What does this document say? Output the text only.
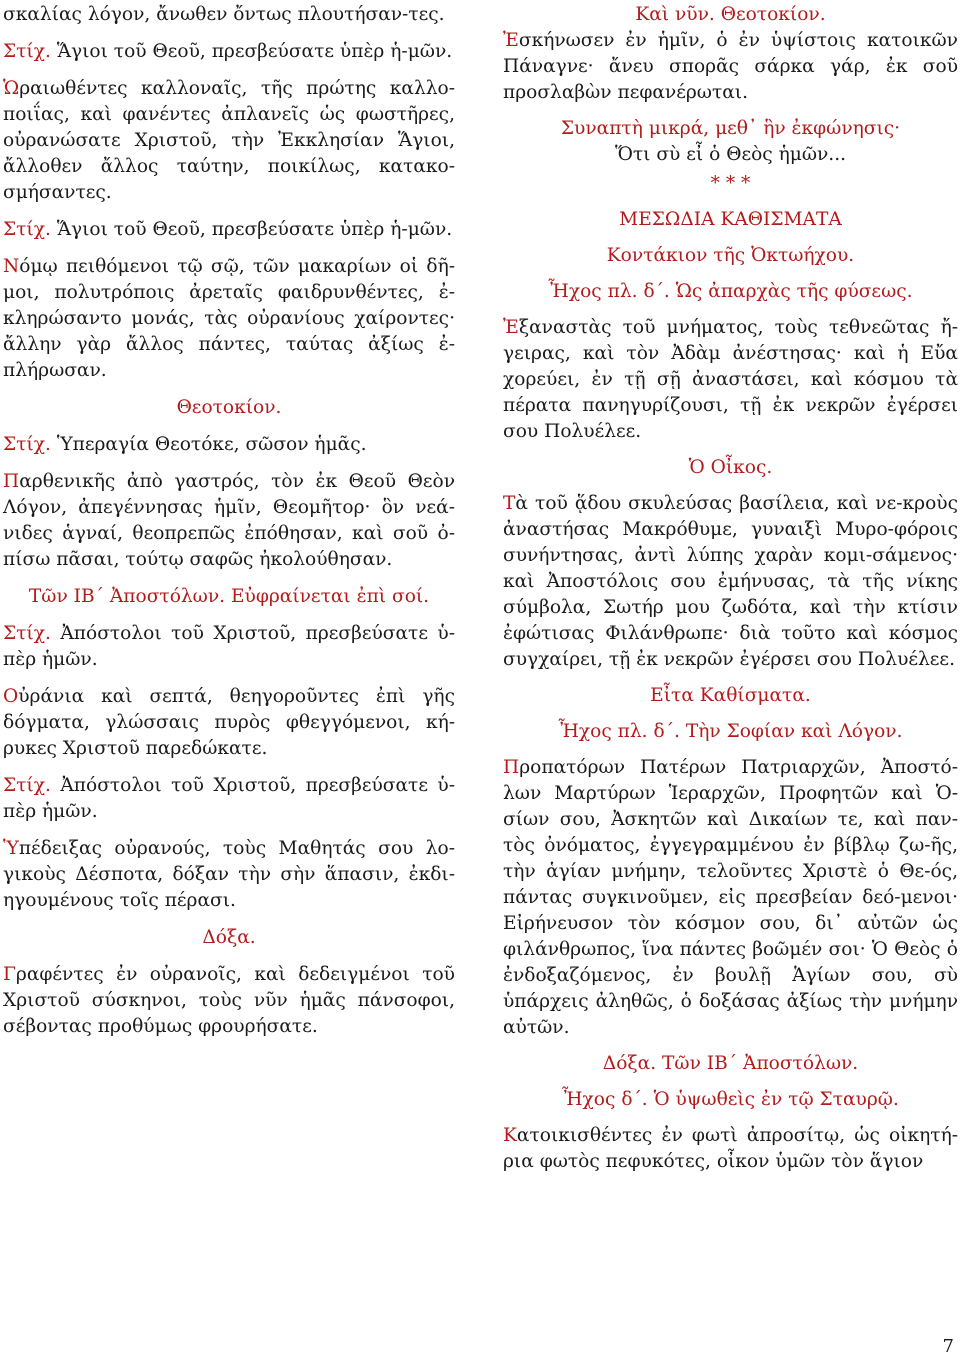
σκαλίας λόγον, ἄνωθεν ὄντως πλουτήσαν-τες.

Στίχ. Ἅγιοι τοῦ Θεοῦ, πρεσβεύσατε ὑπὲρ ἡ-μῶν.

Ὡραιωθέντες καλλοναῖς, τῆς πρώτης καλλο-ποιΐας, καὶ φανέντες ἀπλανεῖς ὡς φωστῆρες, οὐρανώσατε Χριστοῦ, τὴν Ἐκκλησίαν Ἅγιοι, ἄλλοθεν ἄλλος ταύτην, ποικίλως, κατακο-σμήσαντες.

Στίχ. Ἅγιοι τοῦ Θεοῦ, πρεσβεύσατε ὑπὲρ ἡ-μῶν.

Νόμῳ πειθόμενοι τῷ σῷ, τῶν μακαρίων οἱ δῆ-μοι, πολυτρόποις ἀρεταῖς φαιδρυνθέντες, ἐ-κληρώσαντο μονάς, τὰς οὐρανίους χαίροντες· ἄλλην γὰρ ἄλλος πάντες, ταύτας ἀξίως ἐ-πλήρωσαν.

Θεοτοκίον.

Στίχ. Ὑπεραγία Θεοτόκε, σῶσον ἡμᾶς.

Παρθενικῆς ἀπὸ γαστρός, τὸν ἐκ Θεοῦ Θεὸν Λόγον, ἀπεγέννησας ἡμῖν, Θεομῆτορ· ὃν νεά-νιδες ἁγναί, θεοπρεπῶς ἐπόθησαν, καὶ σοῦ ὀ-πίσω πᾶσαι, τούτῳ σαφῶς ἠκολούθησαν.

Τῶν ΙΒ´ Ἀποστόλων. Εὐφραίνεται ἐπὶ σοί.

Στίχ. Ἀπόστολοι τοῦ Χριστοῦ, πρεσβεύσατε ὑ-πὲρ ἡμῶν.

Οὐράνια καὶ σεπτά, θεηγοροῦντες ἐπὶ γῆς δόγματα, γλώσσαις πυρὸς φθεγγόμενοι, κή-ρυκες Χριστοῦ παρεδώκατε.

Στίχ. Ἀπόστολοι τοῦ Χριστοῦ, πρεσβεύσατε ὑ-πὲρ ἡμῶν.

Ὑπέδειξας οὐρανούς, τοὺς Μαθητάς σου λο-γικοὺς Δέσποτα, δόξαν τὴν σὴν ἅπασιν, ἐκδι-ηγουμένους τοῖς πέρασι.

Δόξα.

Γραφέντες ἐν οὐρανοῖς, καὶ δεδειγμένοι τοῦ Χριστοῦ σύσκηνοι, τοὺς νῦν ἡμᾶς πάνσοφοι, σέβοντας προθύμως φρουρήσατε.

Καὶ νῦν. Θεοτοκίον.

Ἐσκήνωσεν ἐν ἡμῖν, ὁ ἐν ὑψίστοις κατοικῶν Πάναγνε· ἄνευ σπορᾶς σάρκα γάρ, ἐκ σοῦ προσλαβὼν πεφανέρωται.

Συναπτὴ μικρά, μεθ᾽ ἣν ἐκφώνησις·

Ὅτι σὺ εἶ ὁ Θεὸς ἡμῶν...

* * *

ΜΕΣΩΔΙΑ ΚΑΘΙΣΜΑΤΑ

Κοντάκιον τῆς Ὀκτωήχου.

Ἦχος πλ. δ´. Ὡς ἀπαρχὰς τῆς φύσεως.

Ἐξαναστὰς τοῦ μνήματος, τοὺς τεθνεῶτας ἤ-γειρας, καὶ τὸν Ἀδὰμ ἀνέστησας· καὶ ἡ Εὔα χορεύει, ἐν τῇ σῇ ἀναστάσει, καὶ κόσμου τὰ πέρατα πανηγυρίζουσι, τῇ ἐκ νεκρῶν ἐγέρσει σου Πολυέλεε.

Ὁ Οἶκος.

Τὰ τοῦ ᾅδου σκυλεύσας βασίλεια, καὶ νε-κροὺς ἀναστήσας Μακρόθυμε, γυναιξὶ Μυρο-φόροις συνήντησας, ἀντὶ λύπης χαρὰν κομι-σάμενος· καὶ Ἀποστόλοις σου ἐμήνυσας, τὰ τῆς νίκης σύμβολα, Σωτήρ μου ζωδότα, καὶ τὴν κτίσιν ἐφώτισας Φιλάνθρωπε· διὰ τοῦτο καὶ κόσμος συγχαίρει, τῇ ἐκ νεκρῶν ἐγέρσει σου Πολυέλεε.

Εἶτα Καθίσματα.

Ἦχος πλ. δ´. Τὴν Σοφίαν καὶ Λόγον.

Προπατόρων Πατέρων Πατριαρχῶν, Ἀποστό-λων Μαρτύρων Ἱεραρχῶν, Προφητῶν καὶ Ὁ-σίων σου, Ἀσκητῶν καὶ Δικαίων τε, καὶ παν-τὸς ὀνόματος, ἐγγεγραμμένου ἐν βίβλῳ ζω-ῆς, τὴν ἁγίαν μνήμην, τελοῦντες Χριστὲ ὁ Θε-ός, πάντας συγκινοῦμεν, εἰς πρεσβείαν δεό-μενοι· Εἰρήνευσον τὸν κόσμον σου, δι᾽ αὐτῶν ὡς φιλάνθρωπος, ἵνα πάντες βοῶμέν σοι· Ὁ Θεὸς ὁ ἐνδοξαζόμενος, ἐν βουλῇ Ἁγίων σου, σὺ ὑπάρχεις ἀληθῶς, ὁ δοξάσας ἀξίως τὴν μνήμην αὐτῶν.

Δόξα. Τῶν ΙΒ´ Ἀποστόλων.

Ἦχος δ´. Ὁ ὑψωθεὶς ἐν τῷ Σταυρῷ.

Κατοικισθέντες ἐν φωτὶ ἀπροσίτῳ, ὡς οἰκητή-ρια φωτὸς πεφυκότες, οἶκον ὑμῶν τὸν ἅγιον

7
